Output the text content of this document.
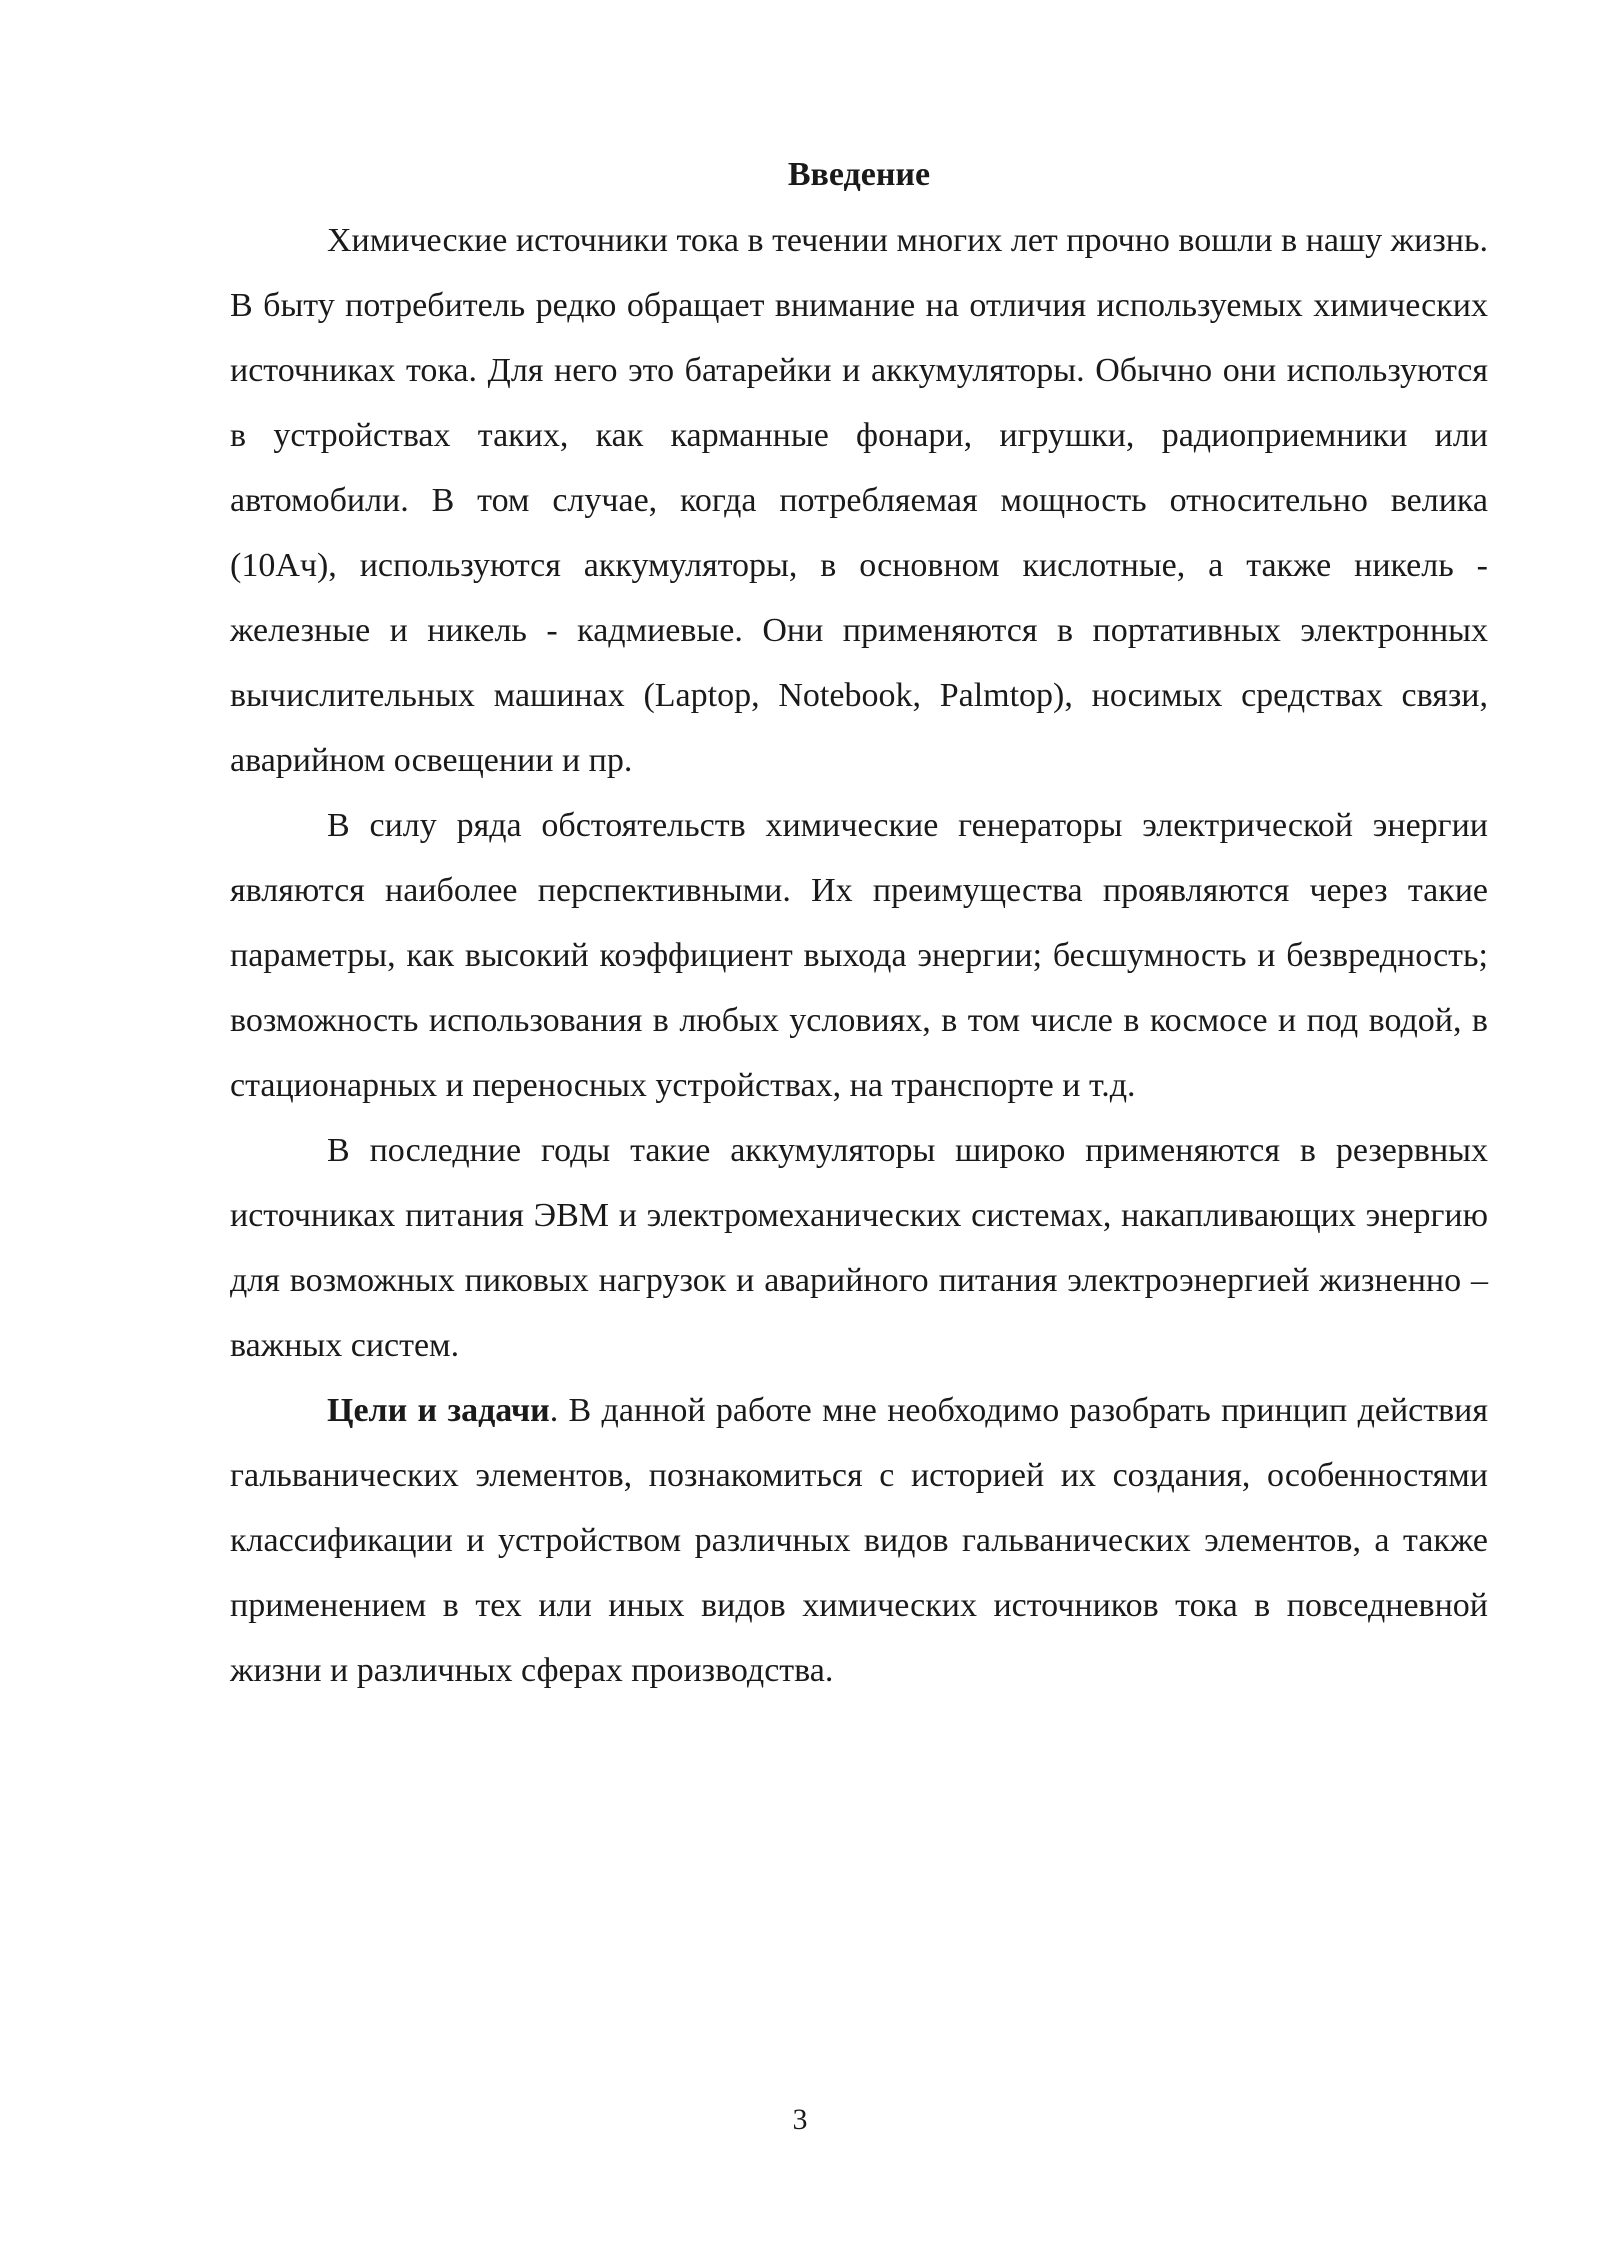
Введение

Химические источники тока в течении многих лет прочно вошли в нашу жизнь. В быту потребитель редко обращает внимание на отличия используемых химических источниках тока. Для него это батарейки и аккумуляторы. Обычно они используются в устройствах таких, как карманные фонари, игрушки, радиоприемники или автомобили. В том случае, когда потребляемая мощность относительно велика (10Ач), используются аккумуляторы, в основном кислотные, а также никель - железные и никель - кадмиевые. Они применяются в портативных электронных вычислительных машинах (Laptop, Notebook, Palmtop), носимых средствах связи, аварийном освещении и пр.

В силу ряда обстоятельств химические генераторы электрической энергии являются наиболее перспективными. Их преимущества проявляются через такие параметры, как высокий коэффициент выхода энергии; бесшумность и безвредность; возможность использования в любых условиях, в том числе в космосе и под водой, в стационарных и переносных устройствах, на транспорте и т.д.

В последние годы такие аккумуляторы широко применяются в резервных источниках питания ЭВМ и электромеханических системах, накапливающих энергию для возможных пиковых нагрузок и аварийного питания электроэнергией жизненно – важных систем.

Цели и задачи. В данной работе мне необходимо разобрать принцип действия гальванических элементов, познакомиться с историей их создания, особенностями классификации и устройством различных видов гальванических элементов, а также применением в тех или иных видов химических источников тока в повседневной жизни и различных сферах производства.

3
